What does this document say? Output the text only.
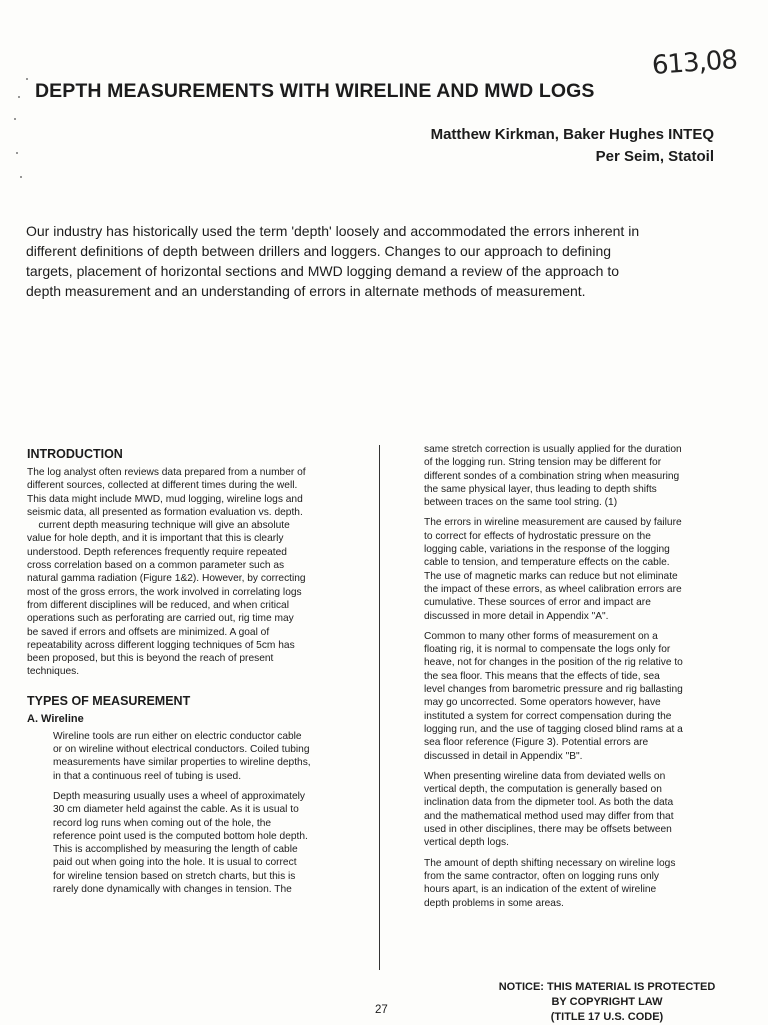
613,08
DEPTH MEASUREMENTS WITH WIRELINE AND MWD LOGS
Matthew Kirkman, Baker Hughes INTEQ
Per Seim, Statoil
Our industry has historically used the term 'depth' loosely and accommodated the errors inherent in
different definitions of depth between drillers and loggers. Changes to our approach to defining
targets, placement of horizontal sections and MWD logging demand a review of the approach to
depth measurement and an understanding of errors in alternate methods of measurement.
INTRODUCTION
The log analyst often reviews data prepared from a number of
different sources, collected at different times during the well.
This data might include MWD, mud logging, wireline logs and
seismic data, all presented as formation evaluation vs. depth.
current depth measuring technique will give an absolute
value for hole depth, and it is important that this is clearly
understood. Depth references frequently require repeated
cross correlation based on a common parameter such as
natural gamma radiation (Figure 1&2). However, by correcting
most of the gross errors, the work involved in correlating logs
from different disciplines will be reduced, and when critical
operations such as perforating are carried out, rig time may
be saved if errors and offsets are minimized. A goal of
repeatability across different logging techniques of 5cm has
been proposed, but this is beyond the reach of present
techniques.
TYPES OF MEASUREMENT
A. Wireline
Wireline tools are run either on electric conductor cable
or on wireline without electrical conductors. Coiled tubing
measurements have similar properties to wireline depths,
in that a continuous reel of tubing is used.
Depth measuring usually uses a wheel of approximately
30 cm diameter held against the cable. As it is usual to
record log runs when coming out of the hole, the
reference point used is the computed bottom hole depth.
This is accomplished by measuring the length of cable
paid out when going into the hole. It is usual to correct
for wireline tension based on stretch charts, but this is
rarely done dynamically with changes in tension. The
same stretch correction is usually applied for the duration
of the logging run. String tension may be different for
different sondes of a combination string when measuring
the same physical layer, thus leading to depth shifts
between traces on the same tool string. (1)
The errors in wireline measurement are caused by failure
to correct for effects of hydrostatic pressure on the
logging cable, variations in the response of the logging
cable to tension, and temperature effects on the cable.
The use of magnetic marks can reduce but not eliminate
the impact of these errors, as wheel calibration errors are
cumulative. These sources of error and impact are
discussed in more detail in Appendix "A".
Common to many other forms of measurement on a
floating rig, it is normal to compensate the logs only for
heave, not for changes in the position of the rig relative to
the sea floor. This means that the effects of tide, sea
level changes from barometric pressure and rig ballasting
may go uncorrected. Some operators however, have
instituted a system for correct compensation during the
logging run, and the use of tagging closed blind rams at a
sea floor reference (Figure 3). Potential errors are
discussed in detail in Appendix "B".
When presenting wireline data from deviated wells on
vertical depth, the computation is generally based on
inclination data from the dipmeter tool. As both the data
and the mathematical method used may differ from that
used in other disciplines, there may be offsets between
vertical depth logs.
The amount of depth shifting necessary on wireline logs
from the same contractor, often on logging runs only
hours apart, is an indication of the extent of wireline
depth problems in some areas.
NOTICE: THIS MATERIAL IS PROTECTED
BY COPYRIGHT LAW
(TITLE 17 U.S. CODE)
27
